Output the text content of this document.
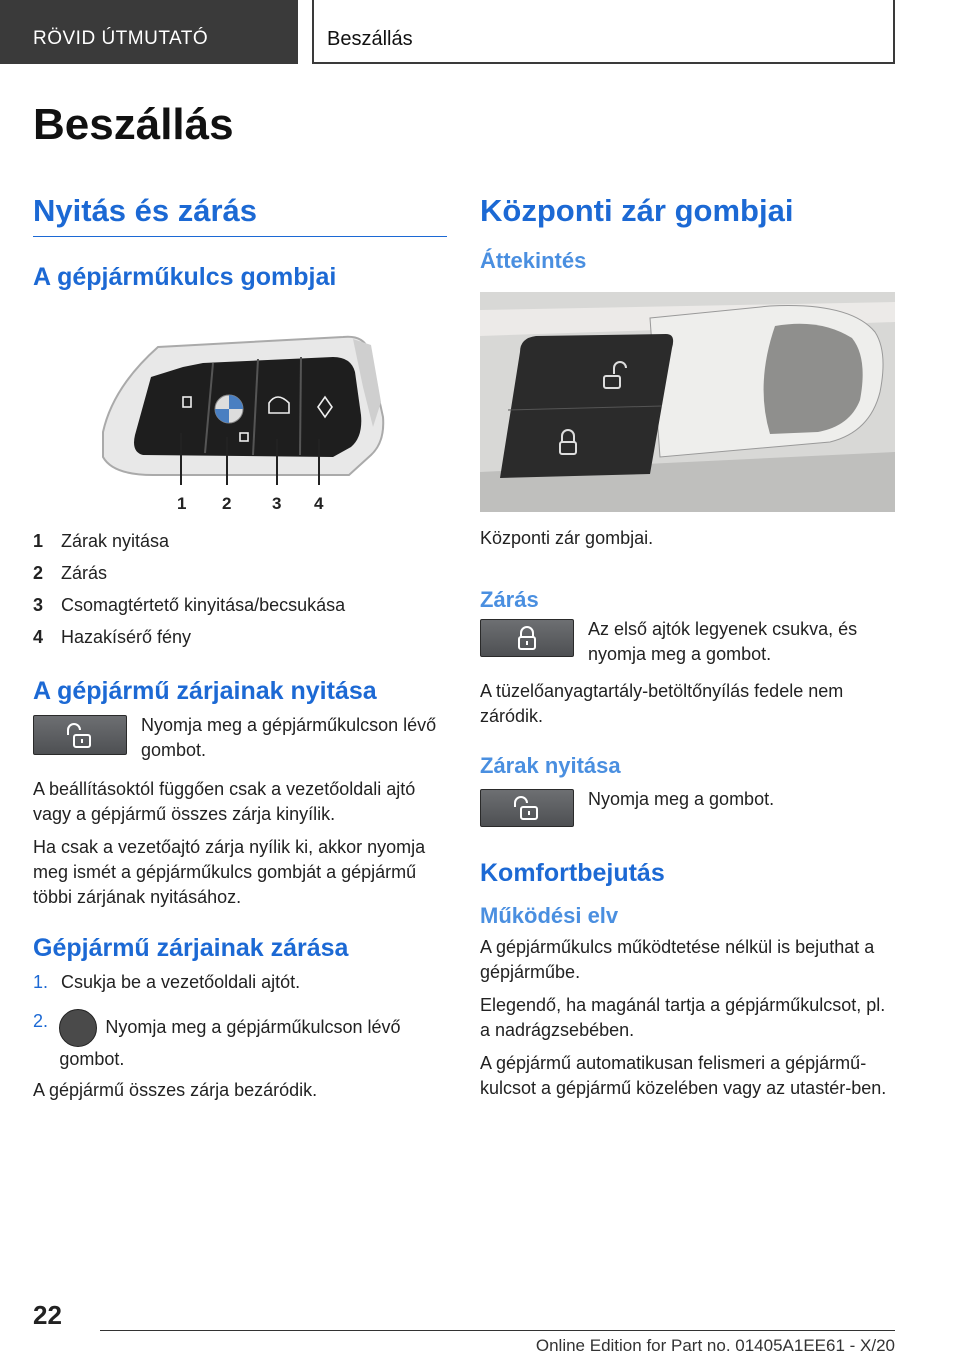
RÖVID ÚTMUTATÓ	Beszállás
Beszállás
Nyitás és zárás
A gépjárműkulcs gombjai
1 2 3 4
1 Zárak nyitása
2 Zárás
3 Csomagtértető kinyitása/becsukása
4 Hazakísérő fény
A gépjármű zárjainak nyitása

Nyomja meg a gépjárműkulcson lévő gombot.

A beállításoktól függően csak a vezetőoldali ajtó vagy a gépjármű összes zárja kinyílik.

Ha csak a vezetőajtó zárja nyílik ki, akkor nyomja meg ismét a gépjárműkulcs gombját a gépjármű többi zárjának nyitásához.

Gépjármű zárjainak zárása
1. Csukja be a vezetőoldali ajtót.
2.	Nyomja meg a gépjárműkulcson lévő gombot.

A gépjármű összes zárja bezáródik.

Központi zár gombjai
Áttekintés

Központi zár gombjai.

Zárás

Az első ajtók legyenek csukva, és nyomja meg a gombot.

A tüzelőanyagtartály-betöltőnyílás fedele nem záródik.

Zárak nyitása

Nyomja meg a gombot.

Komfortbejutás
Működési elv

A gépjárműkulcs működtetése nélkül is bejuthat a gépjárműbe.

Elegendő, ha magánál tartja a gépjárműkulcsot, pl. a nadrágzsebében.

A gépjármű automatikusan felismeri a gépjármű-kulcsot a gépjármű közelében vagy az utastér-ben.

22
Online Edition for Part no. 01405A1EE61 - X/20
